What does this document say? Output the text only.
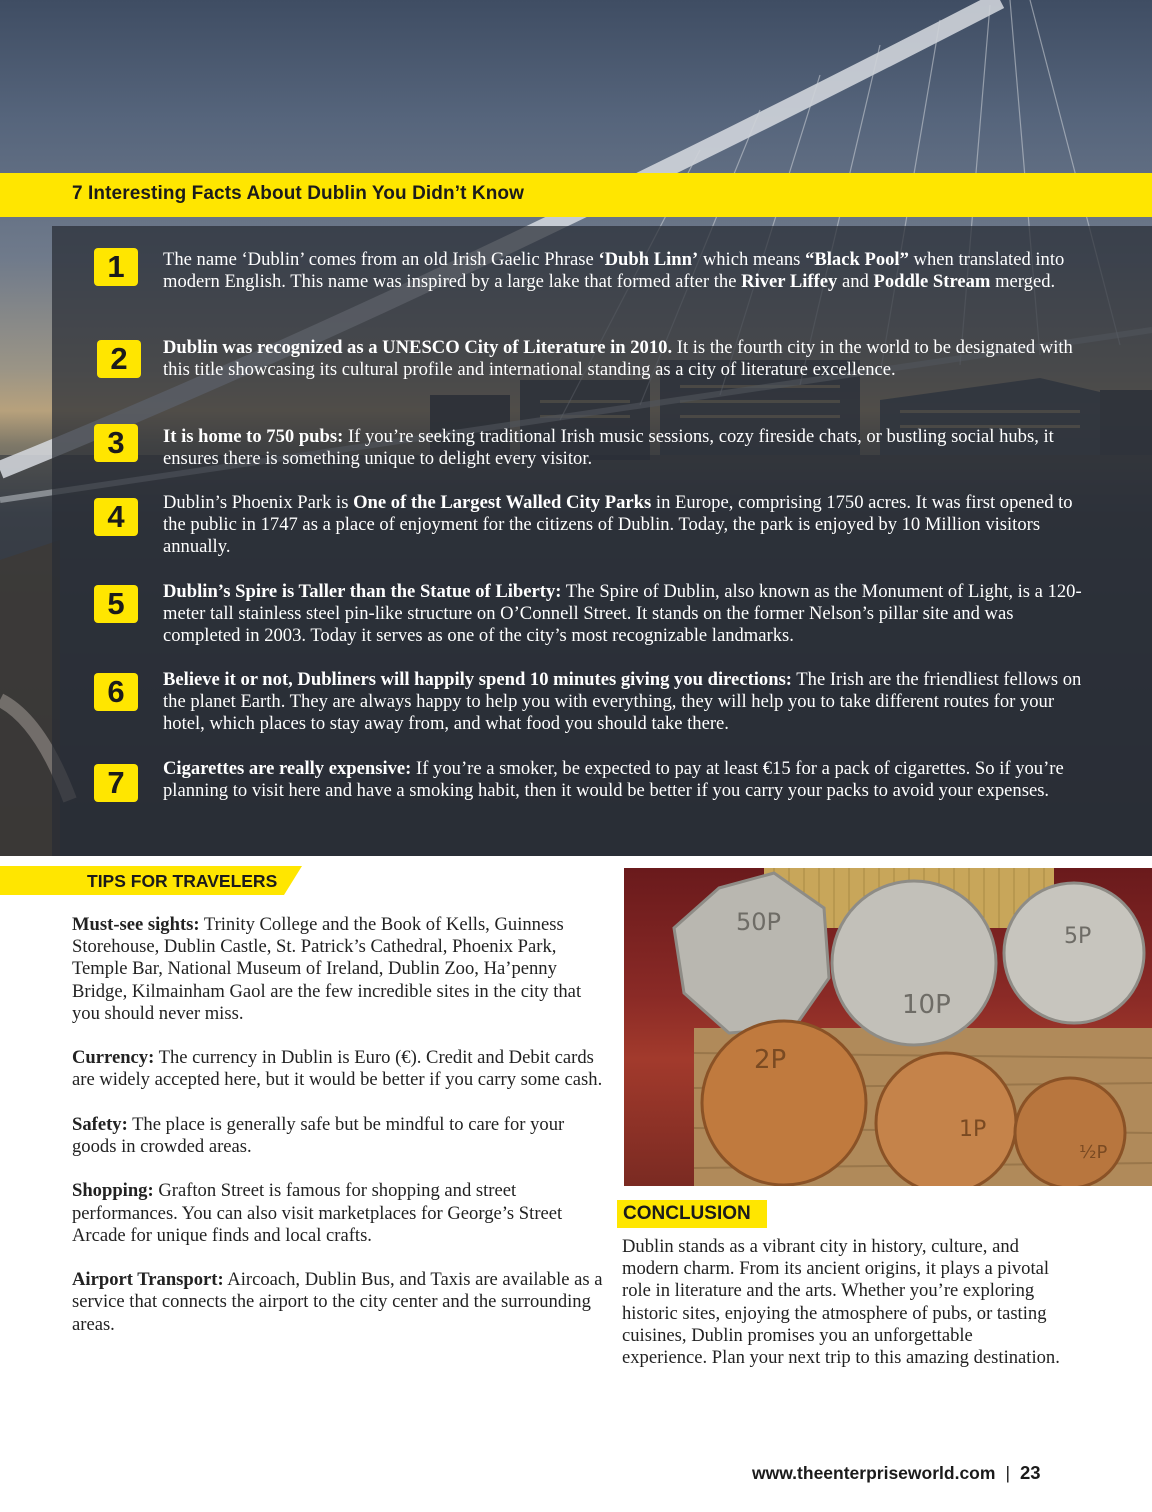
7 Interesting Facts About Dublin You Didn’t Know
1	The name ‘Dublin’ comes from an old Irish Gaelic Phrase ‘Dubh Linn’ which means “Black Pool” when translated into modern English. This name was inspired by a large lake that formed after the River Liffey and Poddle Stream merged.
2	Dublin was recognized as a UNESCO City of Literature in 2010. It is the fourth city in the world to be designated with this title showcasing its cultural profile and international standing as a city of literature excellence.
3	It is home to 750 pubs: If you’re seeking traditional Irish music sessions, cozy fireside chats, or bustling social hubs, it ensures there is something unique to delight every visitor.
4	Dublin’s Phoenix Park is One of the Largest Walled City Parks in Europe, comprising 1750 acres. It was first opened to the public in 1747 as a place of enjoyment for the citizens of Dublin. Today, the park is enjoyed by 10 Million visitors annually.
5	Dublin’s Spire is Taller than the Statue of Liberty: The Spire of Dublin, also known as the Monument of Light, is a 120-meter tall stainless steel pin-like structure on O’Connell Street. It stands on the former Nelson’s pillar site and was completed in 2003. Today it serves as one of the city’s most recognizable landmarks.
6	Believe it or not, Dubliners will happily spend 10 minutes giving you directions: The Irish are the friendliest fellows on the planet Earth. They are always happy to help you with everything, they will help you to take different routes for your hotel, which places to stay away from, and what food you should take there.
7	Cigarettes are really expensive: If you’re a smoker, be expected to pay at least €15 for a pack of cigarettes. So if you’re planning to visit here and have a smoking habit, then it would be better if you carry your packs to avoid your expenses.
TIPS FOR TRAVELERS

Must-see sights: Trinity College and the Book of Kells, Guinness Storehouse, Dublin Castle, St. Patrick’s Cathedral, Phoenix Park, Temple Bar, National Museum of Ireland, Dublin Zoo, Ha’penny Bridge, Kilmainham Gaol are the few incredible sites in the city that you should never miss.

Currency: The currency in Dublin is Euro (€). Credit and Debit cards are widely accepted here, but it would be better if you carry some cash.

Safety: The place is generally safe but be mindful to care for your goods in crowded areas.

Shopping: Grafton Street is famous for shopping and street performances. You can also visit marketplaces for George’s Street Arcade for unique finds and local crafts.

Airport Transport: Aircoach, Dublin Bus, and Taxis are available as a service that connects the airport to the city center and the surrounding areas.

50P
10P
5P
2P
1P
½P
CONCLUSION

Dublin stands as a vibrant city in history, culture, and modern charm. From its ancient origins, it plays a pivotal role in literature and the arts. Whether you’re exploring historic sites, enjoying the atmosphere of pubs, or tasting cuisines, Dublin promises you an unforgettable experience. Plan your next trip to this amazing destination.

www.theenterpriseworld.com | 23
